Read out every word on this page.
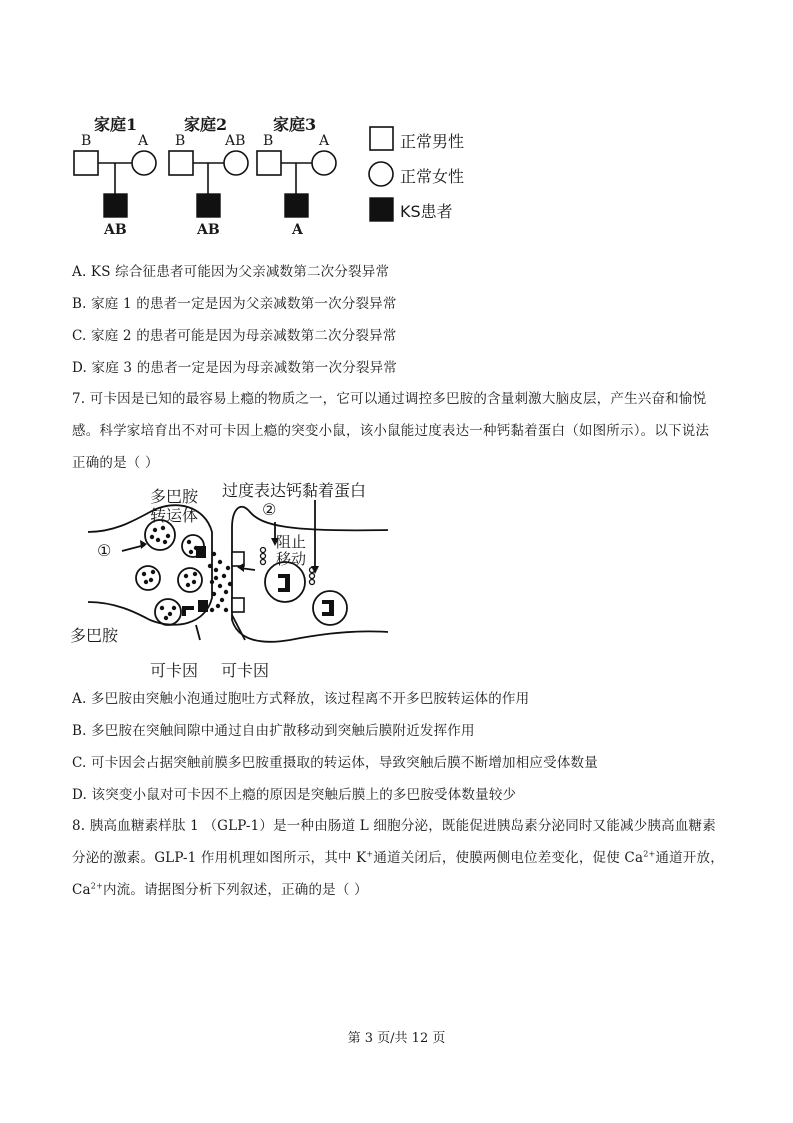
家庭1	家庭2	家庭3
B	A
AB
B	AB
AB
B	A
A
正常男性
正常女性
KS患者
A. KS 综合征患者可能因为父亲减数第二次分裂异常
B. 家庭 1 的患者一定是因为父亲减数第一次分裂异常
C. 家庭 2 的患者可能是因为母亲减数第二次分裂异常
D. 家庭 3 的患者一定是因为母亲减数第一次分裂异常
7. 可卡因是已知的最容易上瘾的物质之一，它可以通过调控多巴胺的含量刺激大脑皮层，产生兴奋和愉悦
感。科学家培育出不对可卡因上瘾的突变小鼠，该小鼠能过度表达一种钙黏着蛋白（如图所示）。以下说法
正确的是（ ）
多巴胺
转运体
过度表达钙黏着蛋白
①
②
阻止
移动
多巴胺
可卡因 可卡因
A. 多巴胺由突触小泡通过胞吐方式释放，该过程离不开多巴胺转运体的作用
B. 多巴胺在突触间隙中通过自由扩散移动到突触后膜附近发挥作用
C. 可卡因会占据突触前膜多巴胺重摄取的转运体，导致突触后膜不断增加相应受体数量
D. 该突变小鼠对可卡因不上瘾的原因是突触后膜上的多巴胺受体数量较少
8. 胰高血糖素样肽 1 （GLP-1）是一种由肠道 L 细胞分泌，既能促进胰岛素分泌同时又能减少胰高血糖素
分泌的激素。GLP-1 作用机理如图所示，其中 K+通道关闭后，使膜两侧电位差变化，促使 $Ca^{2+}$通道开放，
$Ca^{2+}$内流。请据图分析下列叙述，正确的是（ ）
第 3 页/共 12 页
